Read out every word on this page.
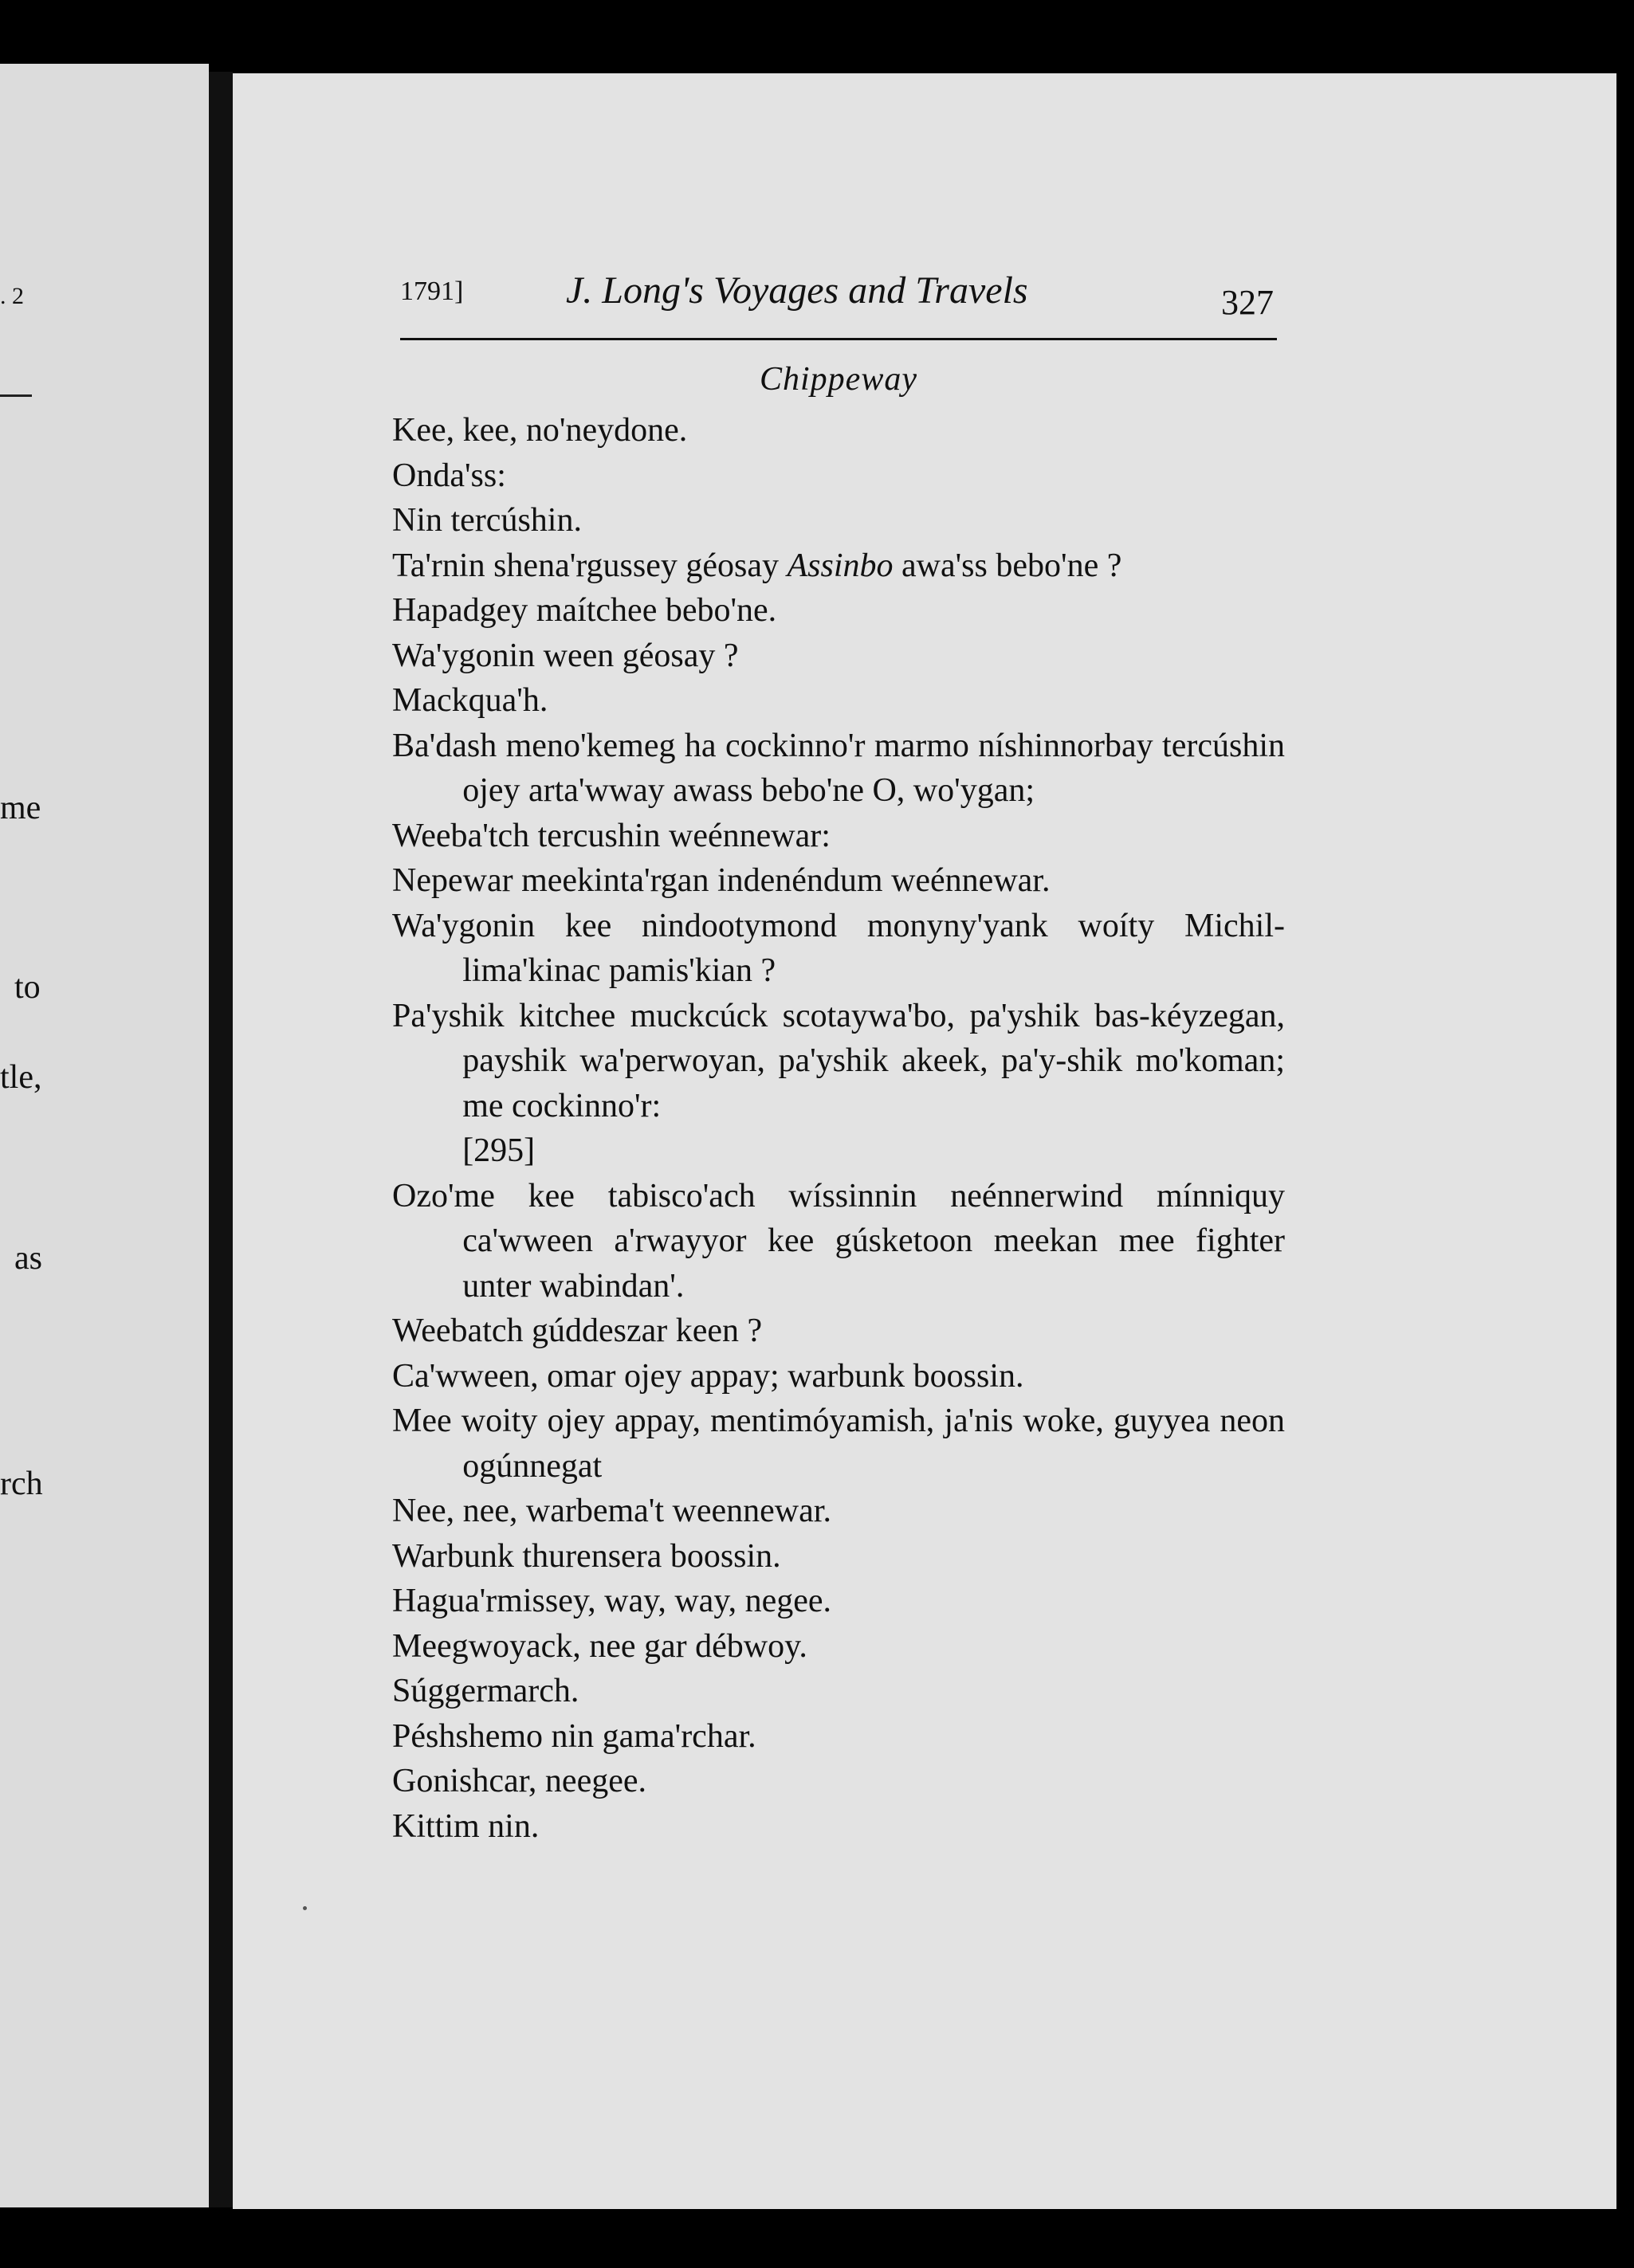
. 2
me
to
tle,
as
rch
1791]	J. Long's Voyages and Travels	327
Chippeway
Kee, kee, no'neydone.
Onda'ss:
Nin tercúshin.
Ta'rnin shena'rgussey géosay Assinbo awa'ss bebo'ne ?
Hapadgey maítchee bebo'ne.
Wa'ygonin ween géosay ?
Mackqua'h.
Ba'dash meno'kemeg ha cockinno'r marmo níshinnorbay tercúshin ojey arta'wway awass bebo'ne O, wo'ygan;
Weeba'tch tercushin weénnewar:
Nepewar meekinta'rgan indenéndum weénnewar.
Wa'ygonin kee nindootymond monyny'yank woíty Michil-lima'kinac pamis'kian ?
Pa'yshik kitchee muckcúck scotaywa'bo, pa'yshik bas-kéyzegan, payshik wa'perwoyan, pa'yshik akeek, pa'y-shik mo'koman; me cockinno'r:
[295]
Ozo'me kee tabisco'ach wíssinnin neénnerwind mínniquy ca'wween a'rwayyor kee gúsketoon meekan mee fighter unter wabindan'.
Weebatch gúddeszar keen ?
Ca'wween, omar ojey appay; warbunk boossin.
Mee woity ojey appay, mentimóyamish, ja'nis woke, guyyea neon ogúnnegat
Nee, nee, warbema't weennewar.
Warbunk thurensera boossin.
Hagua'rmissey, way, way, negee.
Meegwoyack, nee gar débwoy.
Súggermarch.
Péshshemo nin gama'rchar.
Gonishcar, neegee.
Kittim nin.
